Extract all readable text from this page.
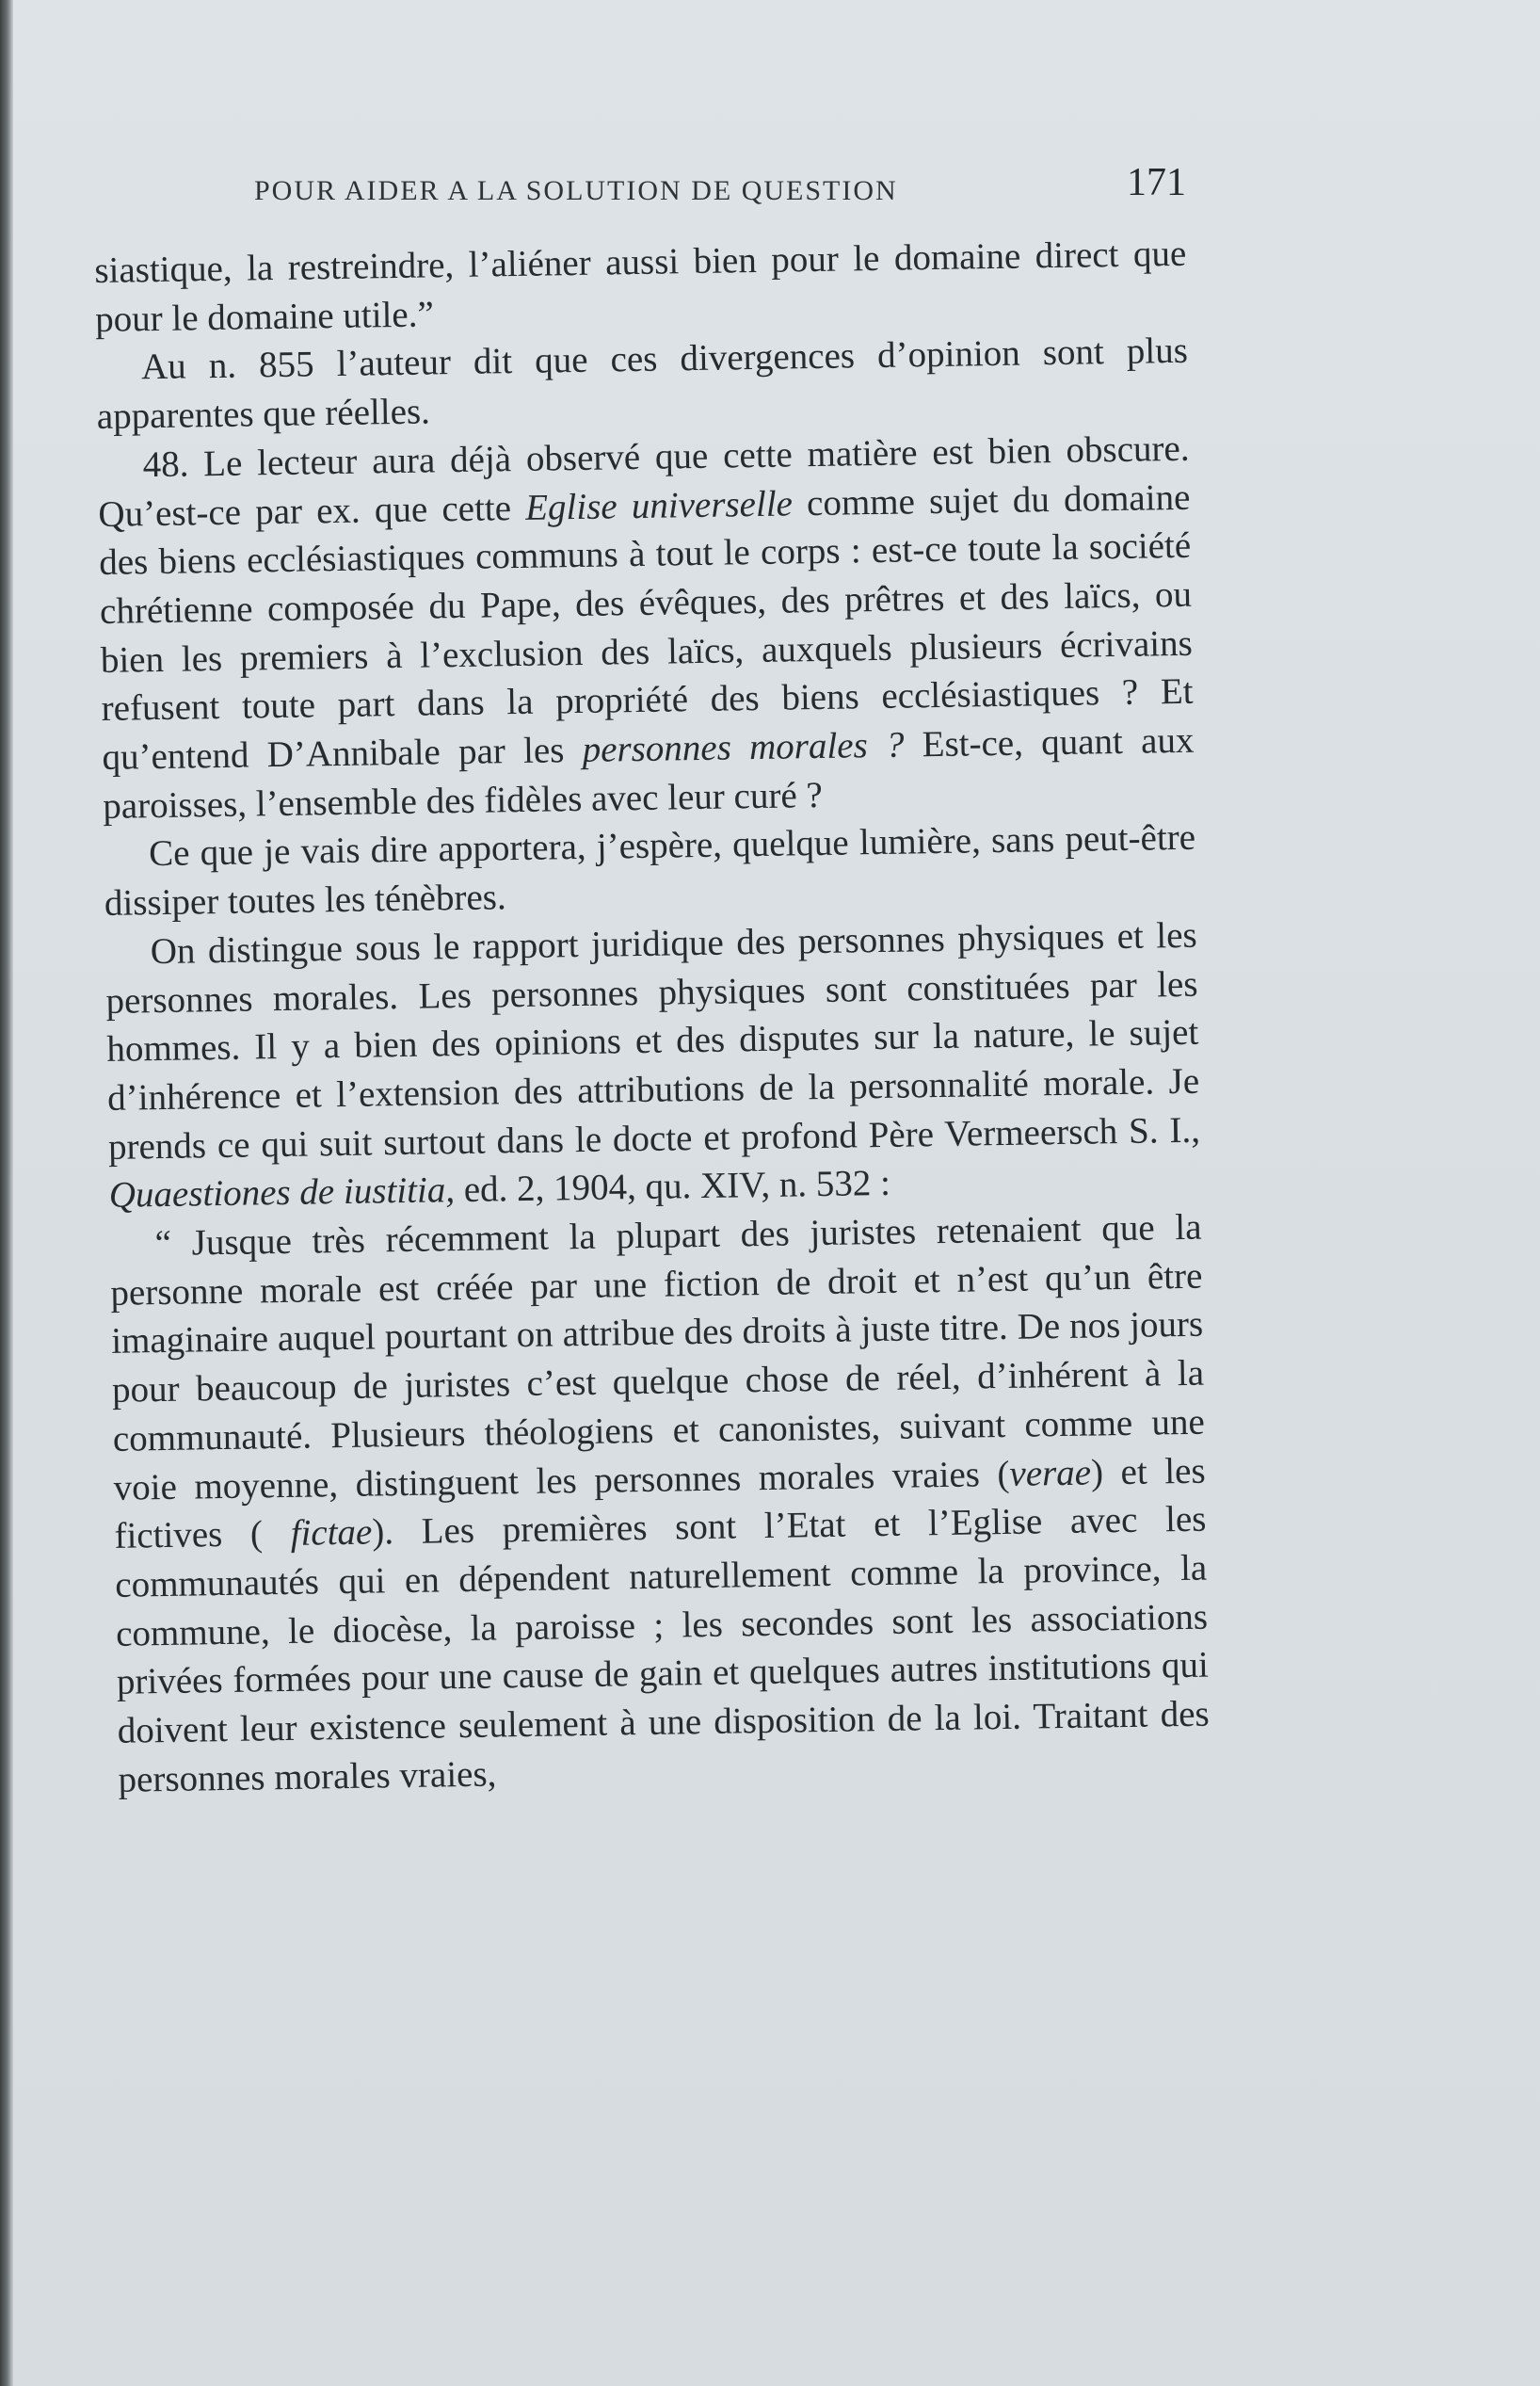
POUR AIDER A LA SOLUTION DE QUESTION	171

siastique, la restreindre, l’aliéner aussi bien pour le domaine direct que pour le domaine utile.”

Au n. 855 l’auteur dit que ces divergences d’opinion sont plus apparentes que réelles.

48. Le lecteur aura déjà observé que cette matière est bien obscure. Qu’est-ce par ex. que cette Eglise universelle comme sujet du domaine des biens ecclésiastiques communs à tout le corps : est-ce toute la société chrétienne composée du Pape, des évêques, des prêtres et des laïcs, ou bien les premiers à l’exclusion des laïcs, auxquels plusieurs écrivains refusent toute part dans la propriété des biens ecclésiastiques ? Et qu’entend D’Annibale par les personnes morales ? Est-ce, quant aux paroisses, l’ensemble des fidèles avec leur curé ?

Ce que je vais dire apportera, j’espère, quelque lumière, sans peut-être dissiper toutes les ténèbres.

On distingue sous le rapport juridique des personnes physiques et les personnes morales. Les personnes physiques sont constituées par les hommes. Il y a bien des opinions et des disputes sur la nature, le sujet d’inhérence et l’extension des attributions de la personnalité morale. Je prends ce qui suit surtout dans le docte et profond Père Vermeersch S. I., Quaestiones de iustitia, ed. 2, 1904, qu. XIV, n. 532 :

“ Jusque très récemment la plupart des juristes retenaient que la personne morale est créée par une fiction de droit et n’est qu’un être imaginaire auquel pourtant on attribue des droits à juste titre. De nos jours pour beaucoup de juristes c’est quelque chose de réel, d’inhérent à la communauté. Plusieurs théologiens et canonistes, suivant comme une voie moyenne, distinguent les personnes morales vraies (verae) et les fictives ( fictae). Les premières sont l’Etat et l’Eglise avec les communautés qui en dépendent naturellement comme la province, la commune, le diocèse, la paroisse ; les secondes sont les associations privées formées pour une cause de gain et quelques autres institutions qui doivent leur existence seulement à une disposition de la loi. Traitant des personnes morales vraies,
